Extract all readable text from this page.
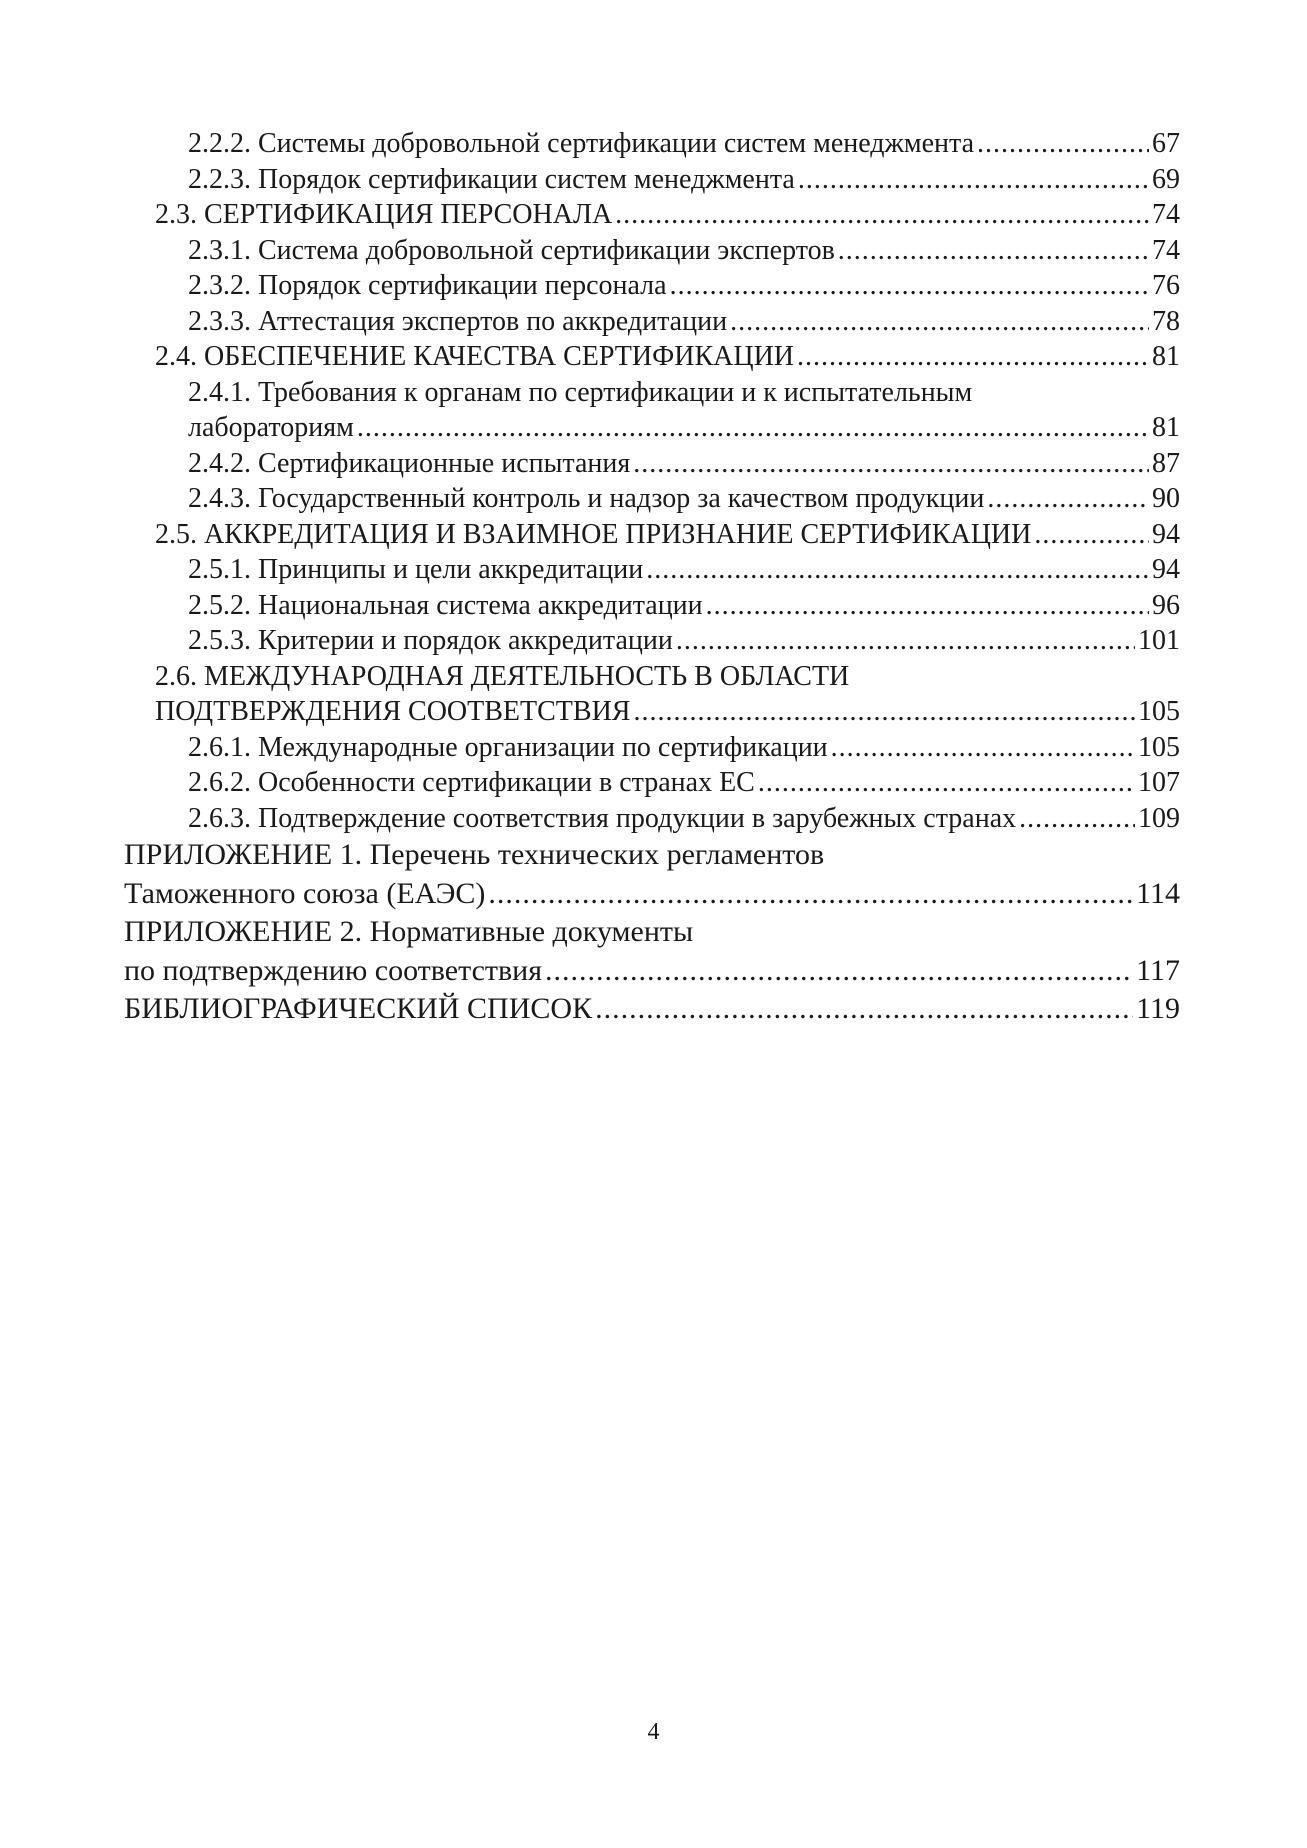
2.2.2. Системы добровольной сертификации систем менеджмента .....	67
2.2.3. Порядок сертификации систем менеджмента .....	69
2.3. СЕРТИФИКАЦИЯ ПЕРСОНАЛА .....	74
2.3.1. Система добровольной сертификации экспертов .....	74
2.3.2. Порядок сертификации персонала .....	76
2.3.3. Аттестация экспертов по аккредитации .....	78
2.4. ОБЕСПЕЧЕНИЕ КАЧЕСТВА СЕРТИФИКАЦИИ .....	81
2.4.1. Требования к органам по сертификации и к испытательным
лабораториям .....	81
2.4.2. Сертификационные испытания .....	87
2.4.3. Государственный контроль и надзор за качеством продукции .....	90
2.5. АККРЕДИТАЦИЯ И ВЗАИМНОЕ ПРИЗНАНИЕ СЕРТИФИКАЦИИ .....	94
2.5.1. Принципы и цели аккредитации .....	94
2.5.2. Национальная система аккредитации .....	96
2.5.3. Критерии и порядок аккредитации .....	101
2.6. МЕЖДУНАРОДНАЯ ДЕЯТЕЛЬНОСТЬ В ОБЛАСТИ
ПОДТВЕРЖДЕНИЯ СООТВЕТСТВИЯ .....	105
2.6.1. Международные организации по сертификации .....	105
2.6.2. Особенности сертификации в странах ЕС .....	107
2.6.3. Подтверждение соответствия продукции в зарубежных странах .....	109
ПРИЛОЖЕНИЕ 1. Перечень технических регламентов
Таможенного союза (ЕАЭС) .....	114
ПРИЛОЖЕНИЕ 2. Нормативные документы
по подтверждению соответствия .....	117
БИБЛИОГРАФИЧЕСКИЙ СПИСОК .....	119
4
